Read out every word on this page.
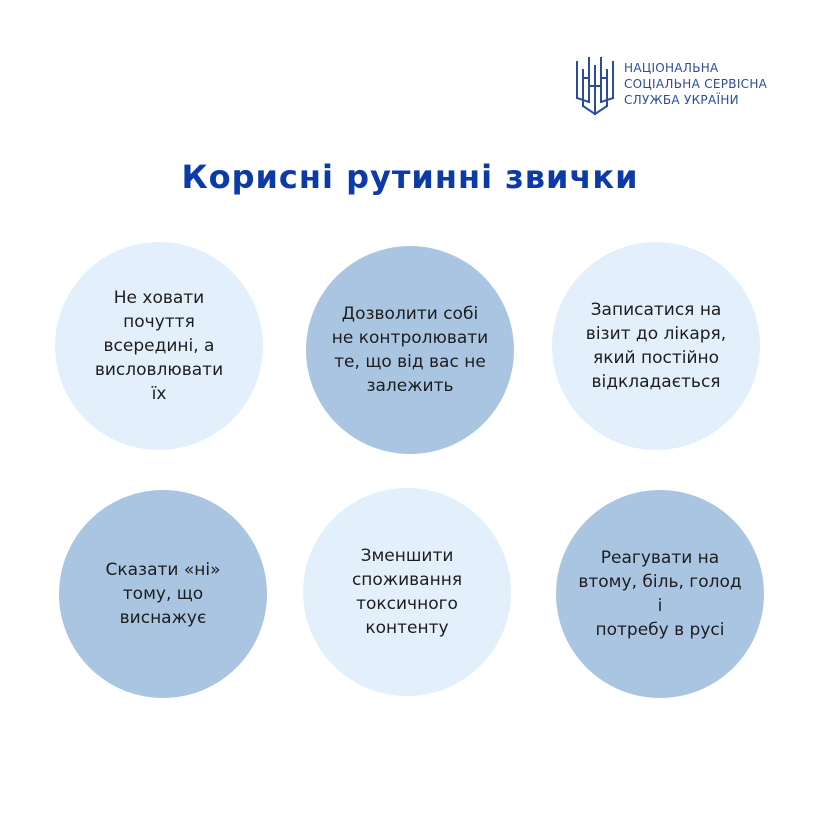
НАЦІОНАЛЬНА
СОЦІАЛЬНА СЕРВІСНА
СЛУЖБА УКРАЇНИ
Корисні рутинні звички
Не ховати
почуття
всередині, а
висловлювати
їх
Дозволити собі
не контролювати
те, що від вас не
залежить
Записатися на
візит до лікаря,
який постійно
відкладається
Сказати «ні»
тому, що
виснажує
Зменшити
споживання
токсичного
контенту
Реагувати на
втому, біль, голод і
потребу в русі
